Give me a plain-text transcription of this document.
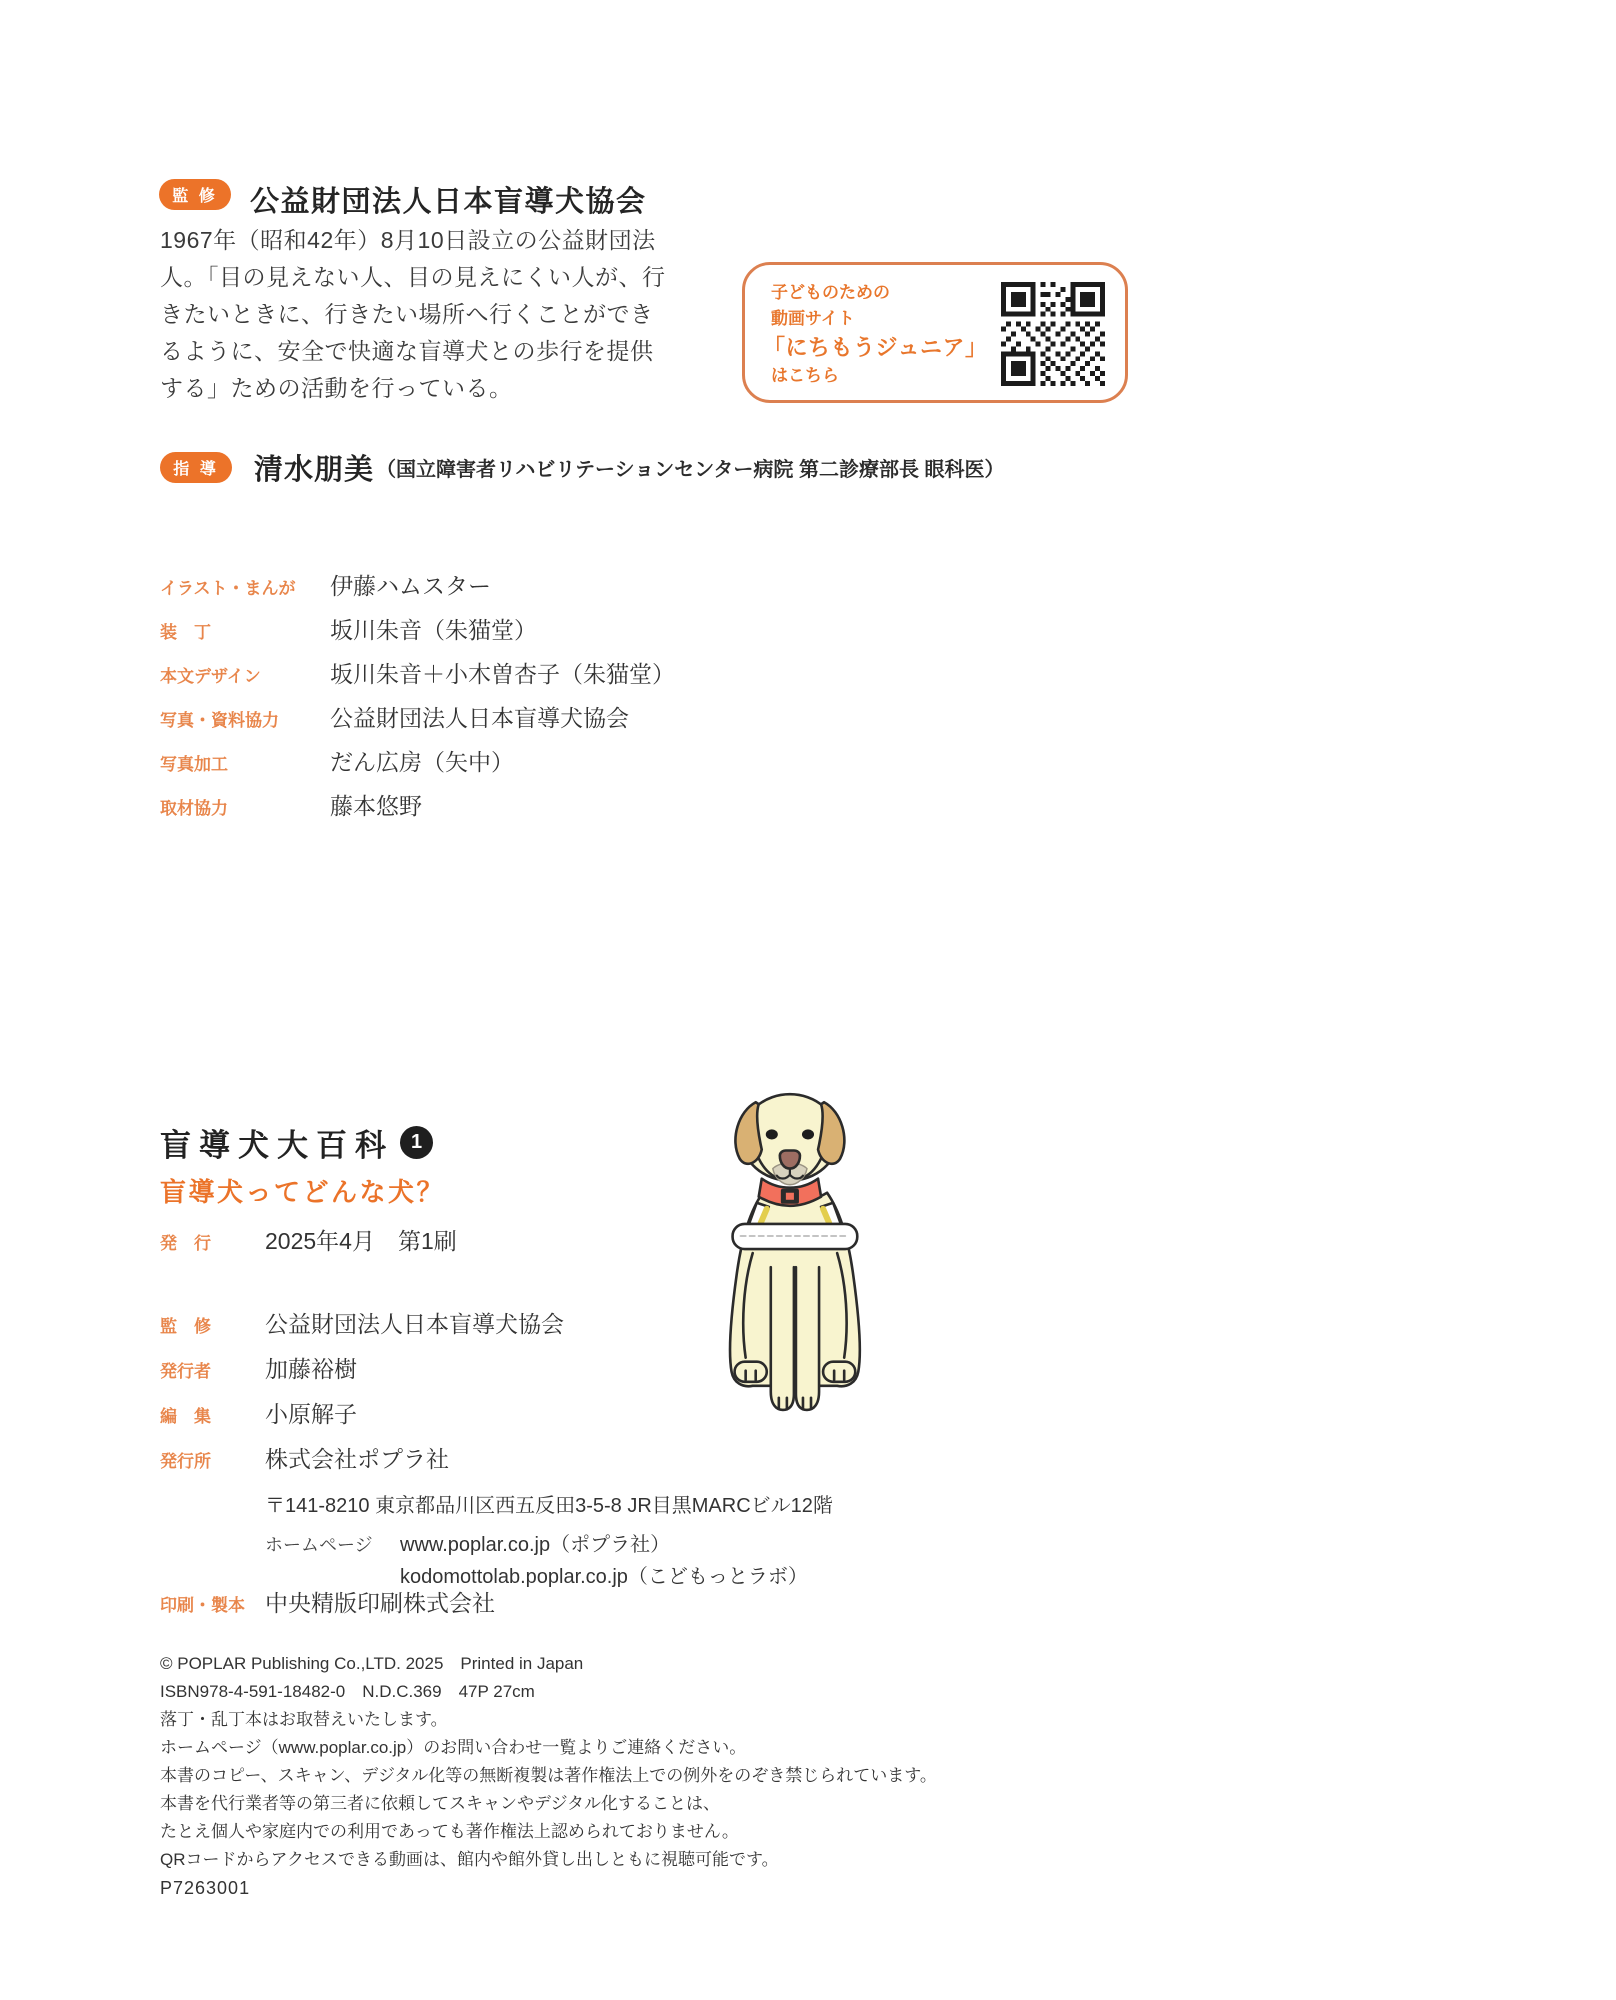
監 修 公益財団法人日本盲導犬協会
1967年（昭和42年）8月10日設立の公益財団法人。「目の見えない人、目の見えにくい人が、行きたいときに、行きたい場所へ行くことができるように、安全で快適な盲導犬との歩行を提供する」ための活動を行っている。
子どものための
動画サイト
「にちもうジュニア」
はこちら
指 導 清水朋美 （国立障害者リハビリテーションセンター病院 第二診療部長 眼科医）
イラスト・まんが	伊藤ハムスター
装　丁	坂川朱音（朱猫堂）
本文デザイン	坂川朱音＋小木曽杏子（朱猫堂）
写真・資料協力	公益財団法人日本盲導犬協会
写真加工	だん広房（矢中）
取材協力	藤本悠野
盲導犬大百科 1
盲導犬ってどんな犬？
発　行	2025年4月　第1刷
監　修	公益財団法人日本盲導犬協会
発行者	加藤裕樹
編　集	小原解子
発行所	株式会社ポプラ社
〒141-8210 東京都品川区西五反田3-5-8 JR目黒MARCビル12階
ホームページ	www.poplar.co.jp（ポプラ社）
kodomottolab.poplar.co.jp（こどもっとラボ）
印刷・製本 中央精版印刷株式会社
© POPLAR Publishing Co.,LTD. 2025　Printed in Japan
ISBN978-4-591-18482-0　N.D.C.369　47P 27cm
落丁・乱丁本はお取替えいたします。
ホームページ（www.poplar.co.jp）のお問い合わせ一覧よりご連絡ください。
本書のコピー、スキャン、デジタル化等の無断複製は著作権法上での例外をのぞき禁じられています。
本書を代行業者等の第三者に依頼してスキャンやデジタル化することは、
たとえ個人や家庭内での利用であっても著作権法上認められておりません。
QRコードからアクセスできる動画は、館内や館外貸し出しともに視聴可能です。
P7263001
